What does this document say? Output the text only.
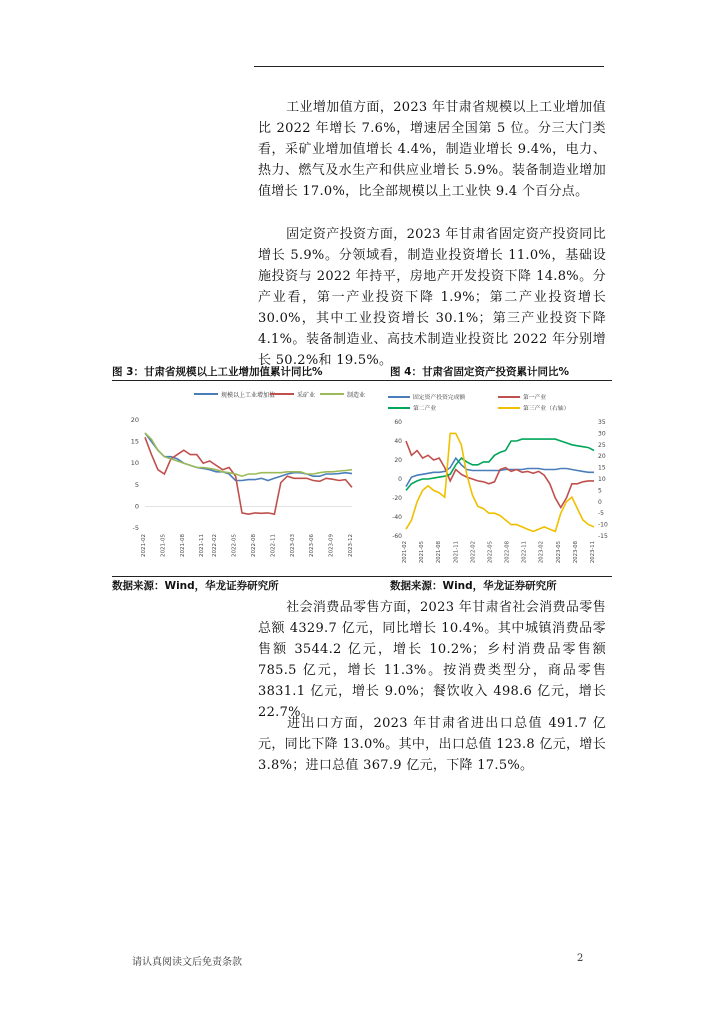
工业增加值方面，2023 年甘肃省规模以上工业增加值比 2022 年增长 7.6%，增速居全国第 5 位。分三大门类看，采矿业增加值增长 4.4%，制造业增长 9.4%，电力、热力、燃气及水生产和供应业增长 5.9%。装备制造业增加值增长 17.0%，比全部规模以上工业快 9.4 个百分点。

固定资产投资方面，2023 年甘肃省固定资产投资同比增长 5.9%。分领域看，制造业投资增长 11.0%，基础设施投资与 2022 年持平，房地产开发投资下降 14.8%。分产业看，第一产业投资下降 1.9%；第二产业投资增长 30.0%，其中工业投资增长 30.1%；第三产业投资下降 4.1%。装备制造业、高技术制造业投资比 2022 年分别增长 50.2%和 19.5%。

图 3：甘肃省规模以上工业增加值累计同比%	图 4：甘肃省固定资产投资累计同比%
规模以上工业增加值	采矿业	制造业
-5
0
5
10
15
20
2021-02 2021-05 2021-08 2021-11 2022-02 2022-05 2022-08 2022-11 2023-03 2023-06 2023-09 2023-12
固定资产投资完成额	第一产业
第二产业	第三产业（右轴）
-60
-40
-20
0
20
40
60
-15
-10
-5
0
5
10
15
20
25
30
35
2021-02 2021-05 2021-08 2021-11 2022-02 2022-05 2022-08 2022-11 2023-02 2023-05 2023-08 2023-11
数据来源：Wind，华龙证券研究所	数据来源：Wind，华龙证券研究所

社会消费品零售方面，2023 年甘肃省社会消费品零售总额 4329.7 亿元，同比增长 10.4%。其中城镇消费品零售额 3544.2 亿元，增长 10.2%；乡村消费品零售额 785.5 亿元，增长 11.3%。按消费类型分，商品零售 3831.1 亿元，增长 9.0%；餐饮收入 498.6 亿元，增长 22.7%。

进出口方面，2023 年甘肃省进出口总值 491.7 亿元，同比下降 13.0%。其中，出口总值 123.8 亿元，增长 3.8%；进口总值 367.9 亿元，下降 17.5%。

请认真阅读文后免责条款	2
